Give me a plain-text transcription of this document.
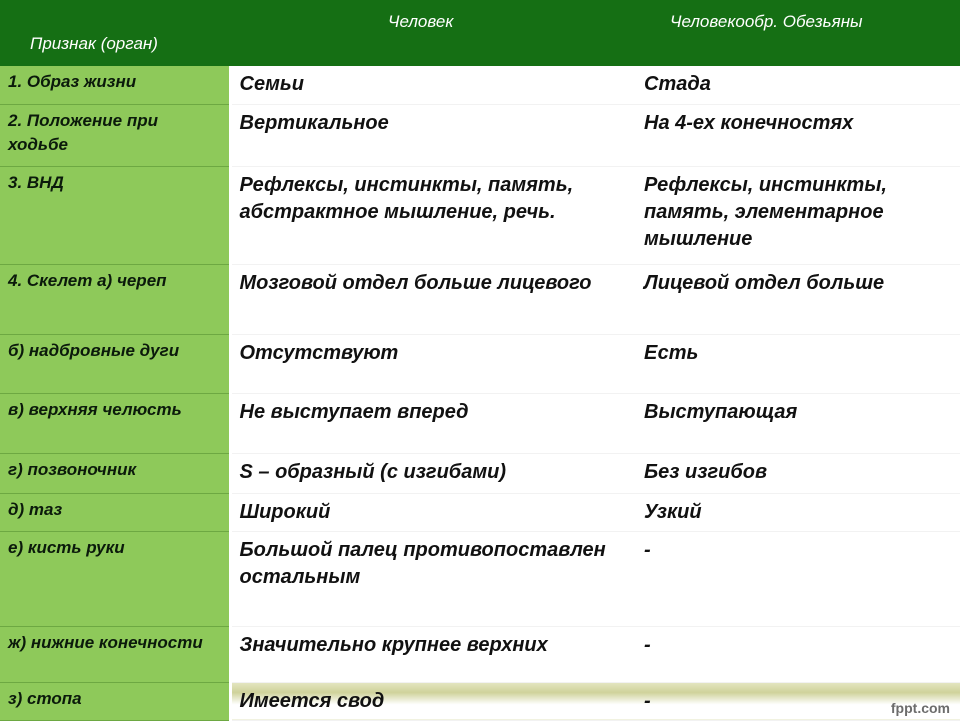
Признак (орган)	Человек	Человекообр. Обезьяны

1. Образ жизни	Семьи	Стада
2. Положение при ходьбе	Вертикальное	На 4-ех конечностях
3. ВНД	Рефлексы, инстинкты, память, абстрактное мышление, речь.	Рефлексы, инстинкты, память, элементарное мышление
4. Скелет а) череп	Мозговой отдел больше лицевого	Лицевой отдел больше
б) надбровные дуги	Отсутствуют	Есть
в) верхняя челюсть	Не выступает вперед	Выступающая
г) позвоночник	S – образный (с изгибами)	Без изгибов
д) таз	Широкий	Узкий
е) кисть руки	Большой палец противопоставлен остальным	-
ж) нижние конечности	Значительно крупнее верхних	-
з) стопа	Имеется свод	-	fppt.com
